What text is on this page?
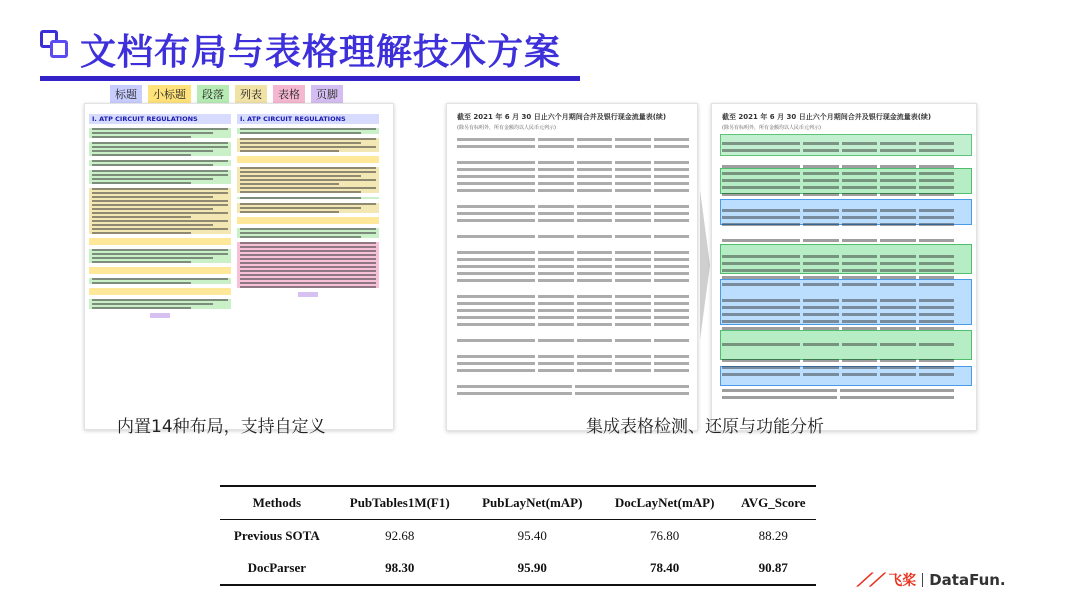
文档布局与表格理解技术方案
标题	小标题	段落	列表	表格	页脚
I. ATP CIRCUIT REGULATIONS	I. ATP CIRCUIT REGULATIONS	截至 2021 年 6 月 30 日止六个月期间合并及银行现金流量表(续)
(除另有标明外，所有金额均以人民币元列示)
截至 2021 年 6 月 30 日止六个月期间合并及银行现金流量表(续)
(除另有标明外，所有金额均以人民币元列示)
内置14种布局，支持自定义	集成表格检测、还原与功能分析
Methods	PubTables1M(F1)	PubLayNet(mAP)	DocLayNet(mAP)	AVG_Score
Previous SOTA	92.68	95.40	76.80	88.29
DocParser	98.30	95.90	78.40	90.87
⟋⟋ 飞桨 DataFun.
